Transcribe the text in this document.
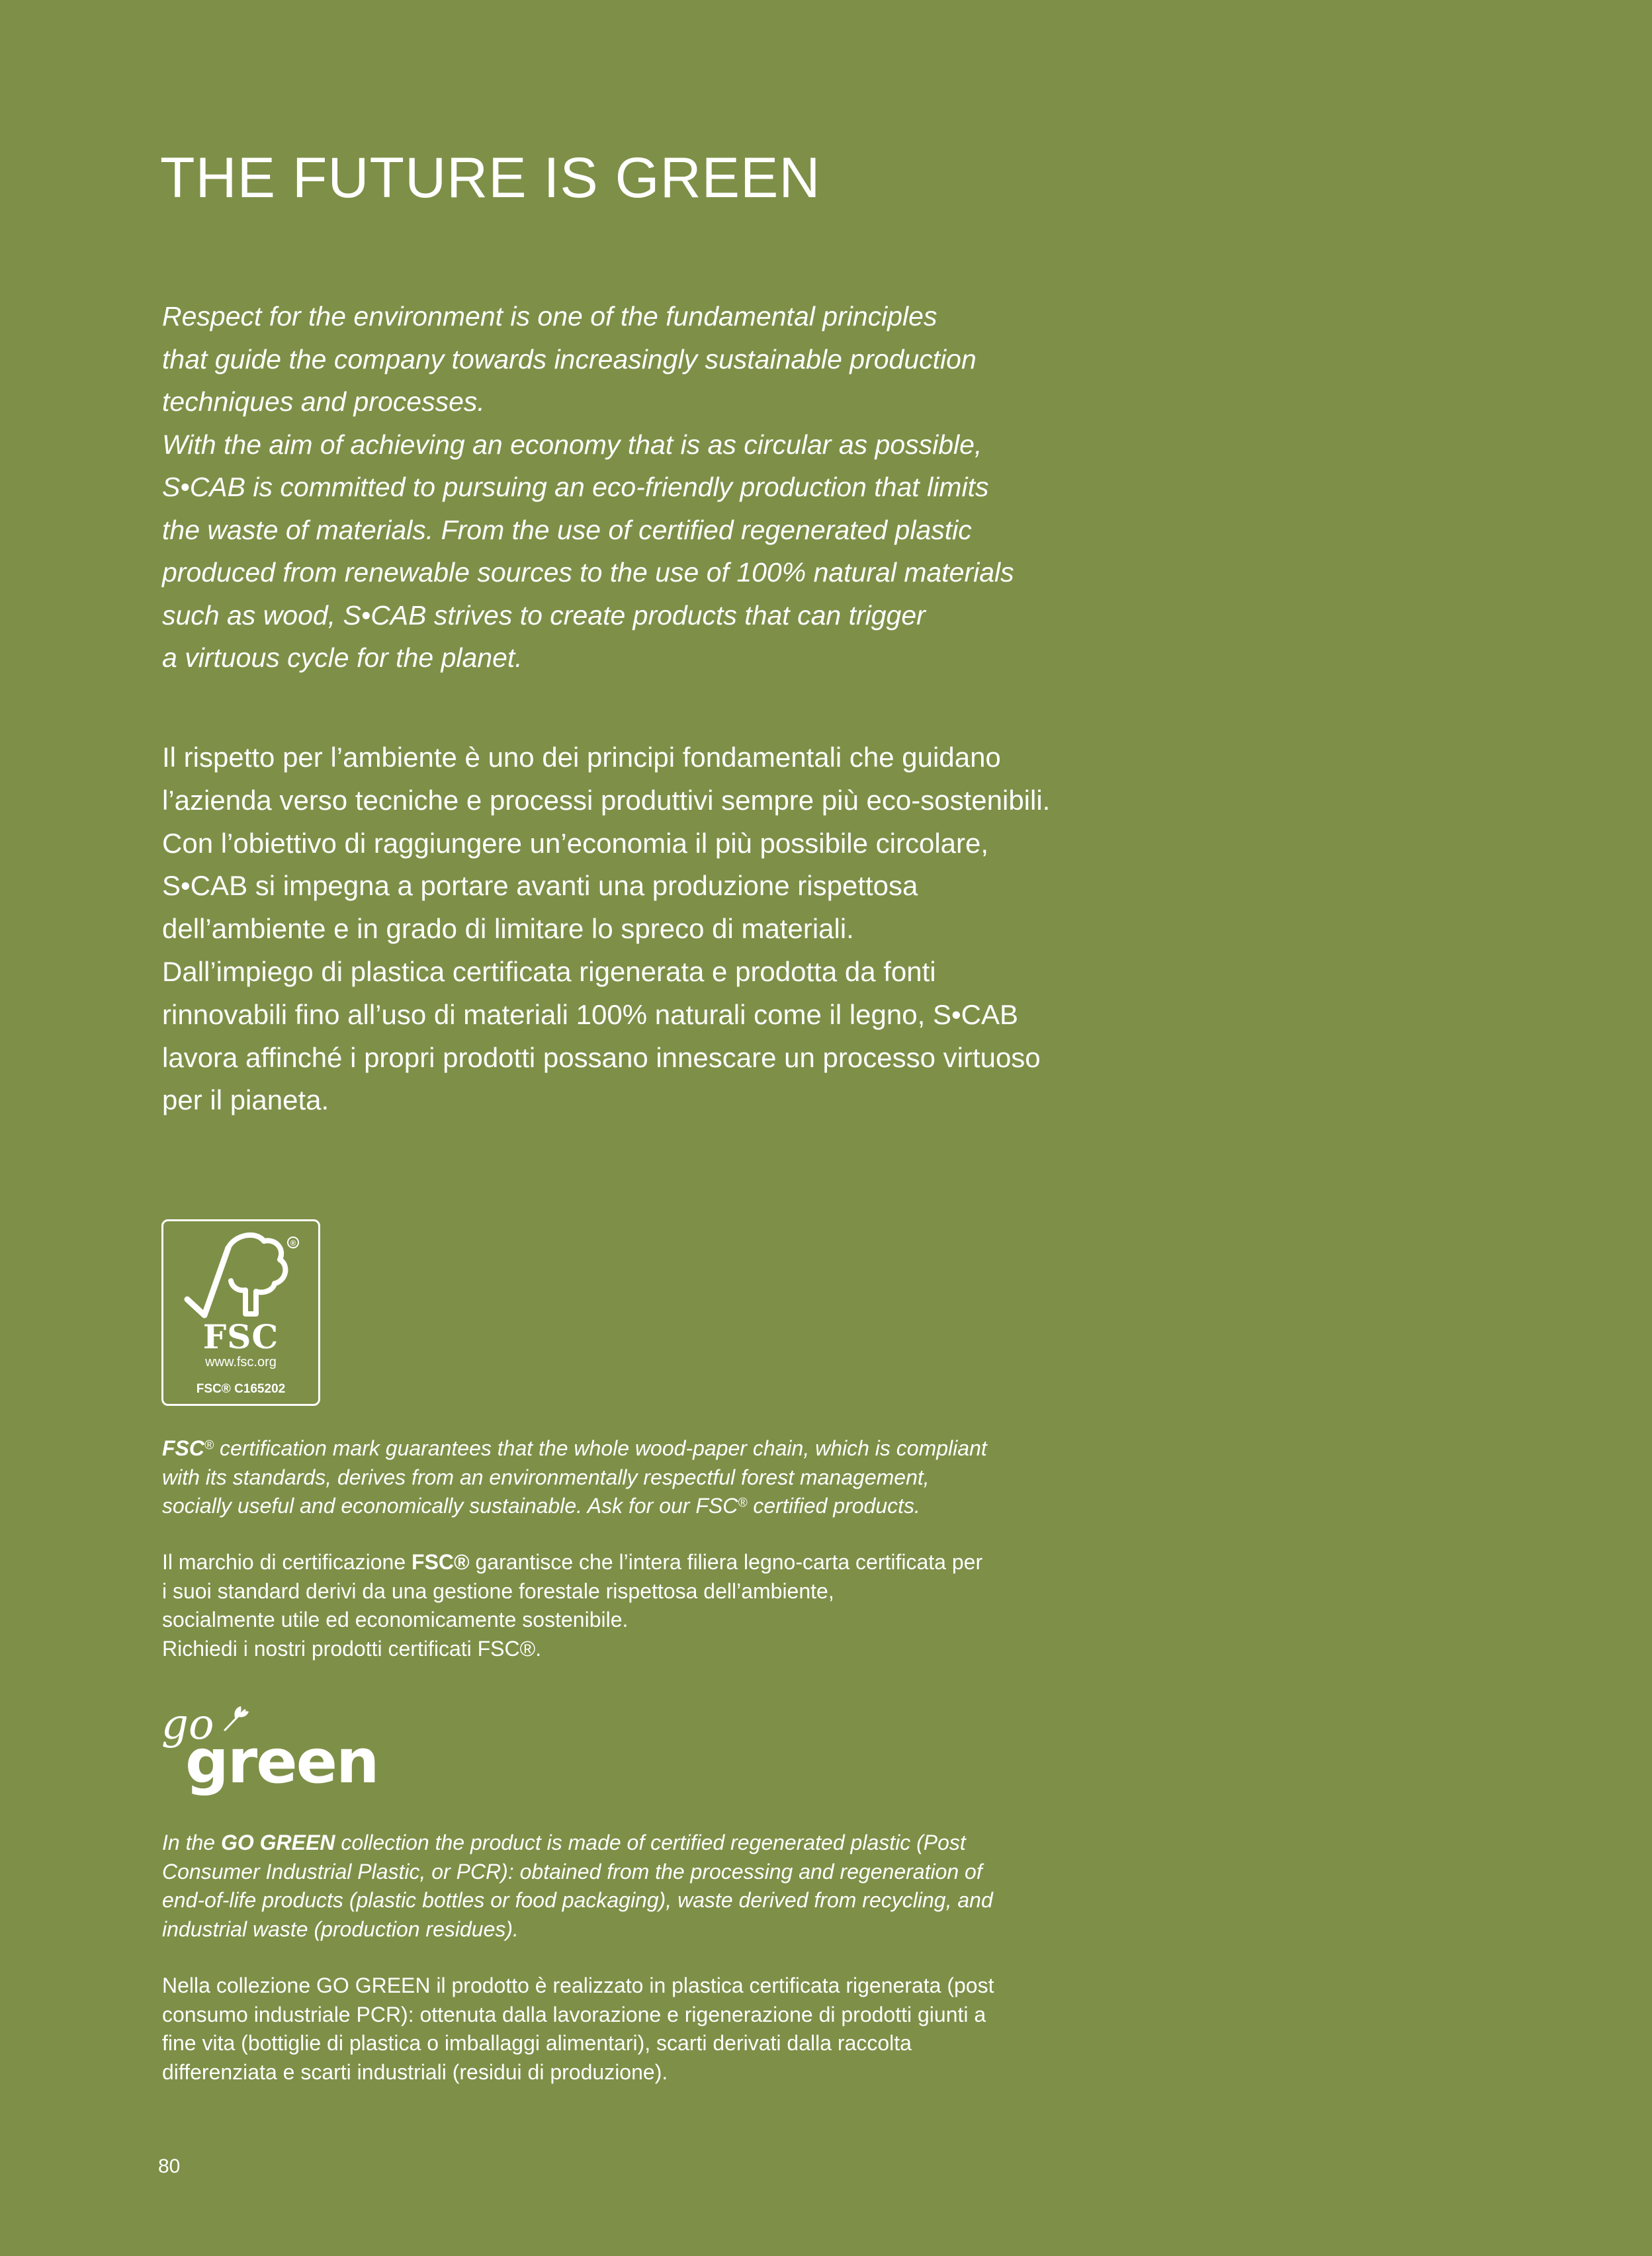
THE FUTURE IS GREEN

Respect for the environment is one of the fundamental principles
that guide the company towards increasingly sustainable production
techniques and processes.
With the aim of achieving an economy that is as circular as possible,
S•CAB is committed to pursuing an eco-friendly production that limits
the waste of materials. From the use of certified regenerated plastic
produced from renewable sources to the use of 100% natural materials
such as wood, S•CAB strives to create products that can trigger
a virtuous cycle for the planet.

Il rispetto per l’ambiente è uno dei principi fondamentali che guidano
l’azienda verso tecniche e processi produttivi sempre più eco-sostenibili.
Con l’obiettivo di raggiungere un’economia il più possibile circolare,
S•CAB si impegna a portare avanti una produzione rispettosa
dell’ambiente e in grado di limitare lo spreco di materiali.
Dall’impiego di plastica certificata rigenerata e prodotta da fonti
rinnovabili fino all’uso di materiali 100% naturali come il legno, S•CAB
lavora affinché i propri prodotti possano innescare un processo virtuoso
per il pianeta.

®
FSC
www.fsc.org
FSC® C165202

FSC® certification mark guarantees that the whole wood-paper chain, which is compliant
with its standards, derives from an environmentally respectful forest management,
socially useful and economically sustainable. Ask for our FSC® certified products.

Il marchio di certificazione FSC® garantisce che l’intera filiera legno-carta certificata per
i suoi standard derivi da una gestione forestale rispettosa dell’ambiente,
socialmente utile ed economicamente sostenibile.
Richiedi i nostri prodotti certificati FSC®.

go
green

In the GO GREEN collection the product is made of certified regenerated plastic (Post
Consumer Industrial Plastic, or PCR): obtained from the processing and regeneration of
end-of-life products (plastic bottles or food packaging), waste derived from recycling, and
industrial waste (production residues).

Nella collezione GO GREEN il prodotto è realizzato in plastica certificata rigenerata (post
consumo industriale PCR): ottenuta dalla lavorazione e rigenerazione di prodotti giunti a
fine vita (bottiglie di plastica o imballaggi alimentari), scarti derivati dalla raccolta
differenziata e scarti industriali (residui di produzione).

80
